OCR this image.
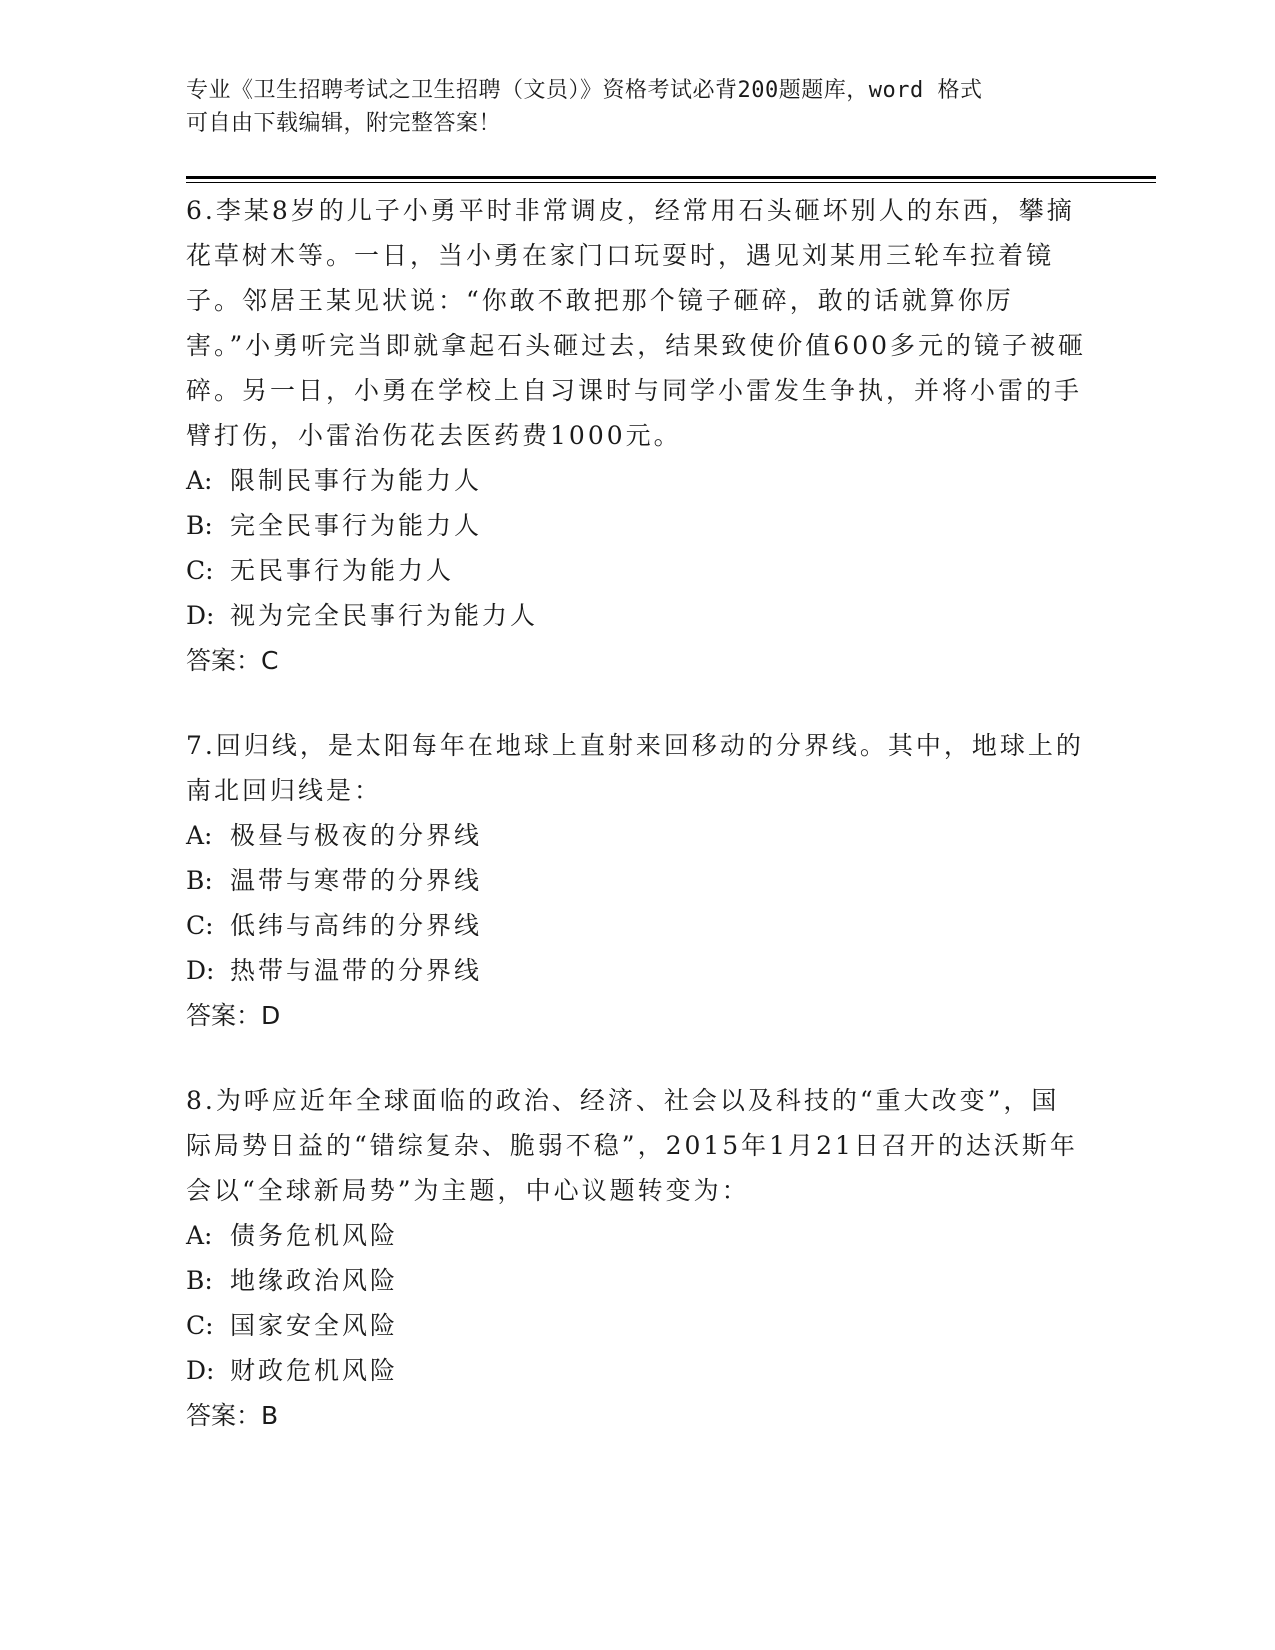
专业《卫生招聘考试之卫生招聘（文员）》资格考试必背200题题库，word 格式
可自由下载编辑，附完整答案！

6.李某8岁的儿子小勇平时非常调皮，经常用石头砸坏别人的东西，攀摘花草树木等。一日，当小勇在家门口玩耍时，遇见刘某用三轮车拉着镜子。邻居王某见状说：“你敢不敢把那个镜子砸碎，敢的话就算你厉害。”小勇听完当即就拿起石头砸过去，结果致使价值600多元的镜子被砸碎。另一日，小勇在学校上自习课时与同学小雷发生争执，并将小雷的手臂打伤，小雷治伤花去医药费1000元。

A: 限制民事行为能力人

B: 完全民事行为能力人

C: 无民事行为能力人

D: 视为完全民事行为能力人

答案：C

7.回归线，是太阳每年在地球上直射来回移动的分界线。其中，地球上的南北回归线是：

A: 极昼与极夜的分界线

B: 温带与寒带的分界线

C: 低纬与高纬的分界线

D: 热带与温带的分界线

答案：D

8.为呼应近年全球面临的政治、经济、社会以及科技的“重大改变”，国际局势日益的“错综复杂、脆弱不稳”，2015年1月21日召开的达沃斯年会以“全球新局势”为主题，中心议题转变为：

A: 债务危机风险

B: 地缘政治风险

C: 国家安全风险

D: 财政危机风险

答案：B
